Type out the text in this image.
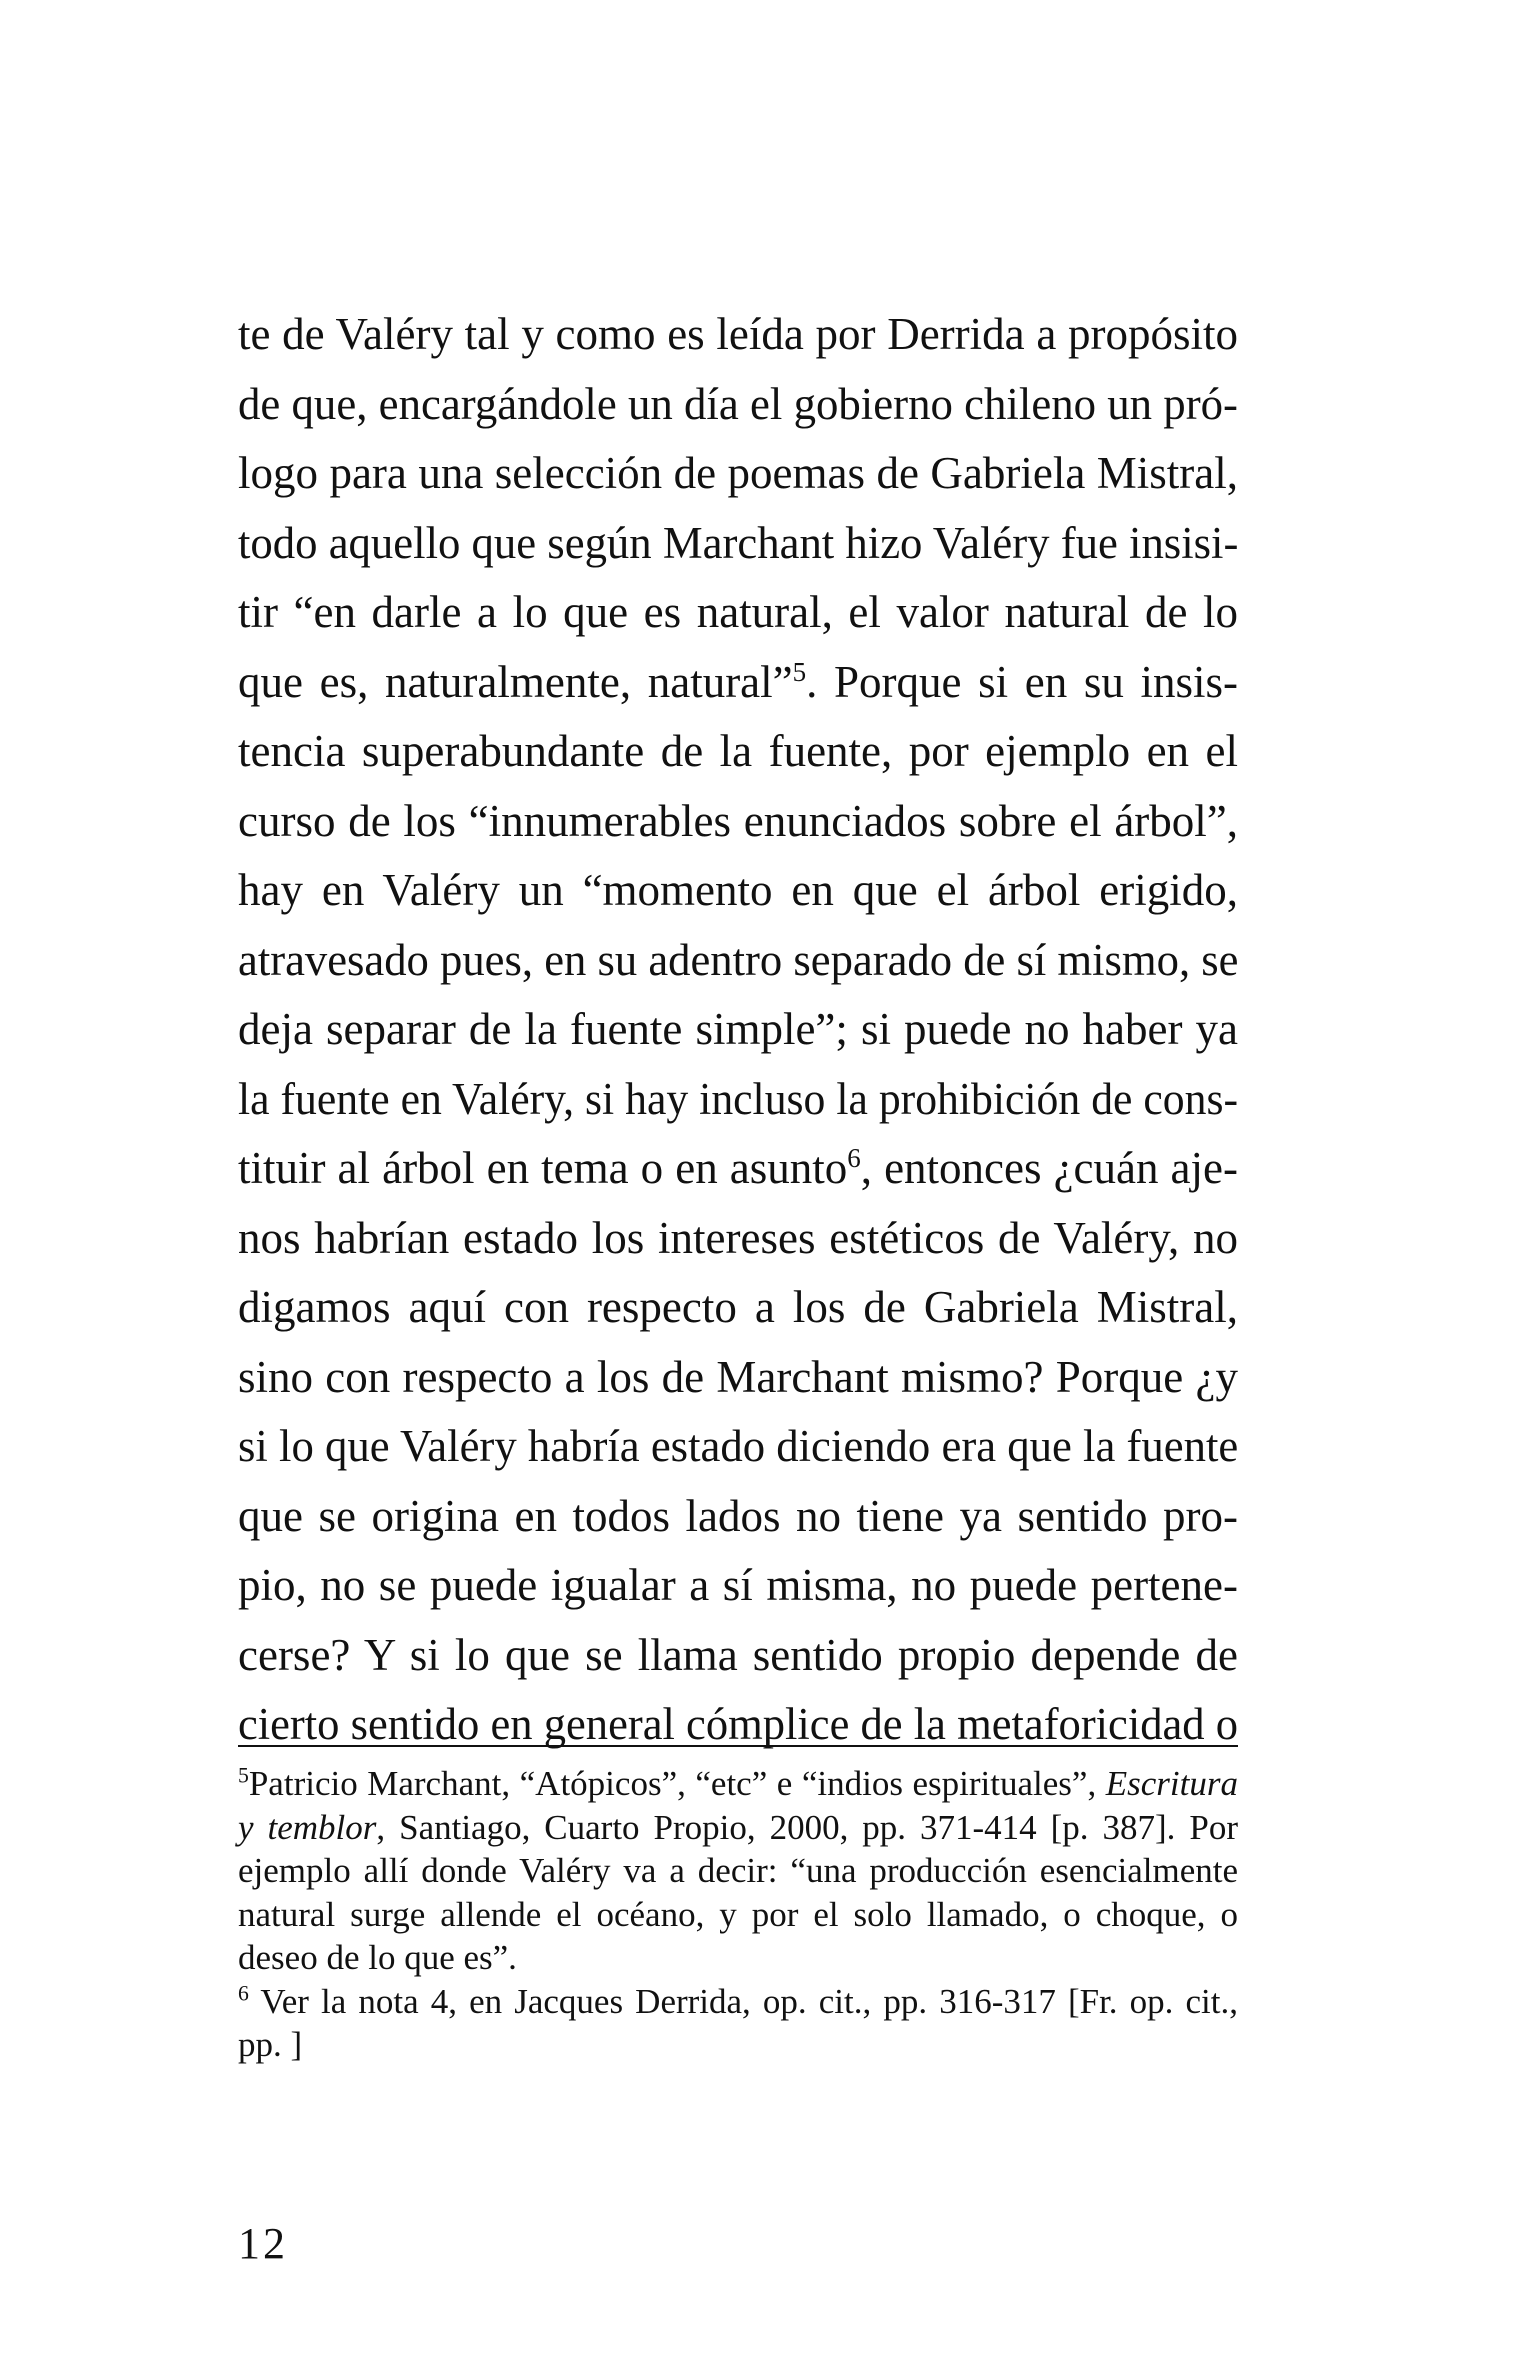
te de Valéry tal y como es leída por Derrida a propósito
de que, encargándole un día el gobierno chileno un pró-
logo para una selección de poemas de Gabriela Mistral,
todo aquello que según Marchant hizo Valéry fue insisi-
tir “en darle a lo que es natural, el valor natural de lo
que es, naturalmente, natural”$^5$. Porque si en su insis-
tencia superabundante de la fuente, por ejemplo en el
curso de los “innumerables enunciados sobre el árbol”,
hay en Valéry un “momento en que el árbol erigido,
atravesado pues, en su adentro separado de sí mismo, se
deja separar de la fuente simple”; si puede no haber ya
la fuente en Valéry, si hay incluso la prohibición de cons-
tituir al árbol en tema o en asunto$^6$, entonces ¿cuán aje-
nos habrían estado los intereses estéticos de Valéry, no
digamos aquí con respecto a los de Gabriela Mistral,
sino con respecto a los de Marchant mismo? Porque ¿y
si lo que Valéry habría estado diciendo era que la fuente
que se origina en todos lados no tiene ya sentido pro-
pio, no se puede igualar a sí misma, no puede pertene-
cerse? Y si lo que se llama sentido propio depende de
cierto sentido en general cómplice de la metaforicidad o
$^5$Patricio Marchant, “Atópicos”, “etc” e “indios espirituales”, Escritura
y temblor, Santiago, Cuarto Propio, 2000, pp. 371-414 [p. 387]. Por
ejemplo allí donde Valéry va a decir: “una producción esencialmente
natural surge allende el océano, y por el solo llamado, o choque, o
deseo de lo que es”.
$^6$ Ver la nota 4, en Jacques Derrida, op. cit., pp. 316-317 [Fr. op. cit.,
pp. ]
12
